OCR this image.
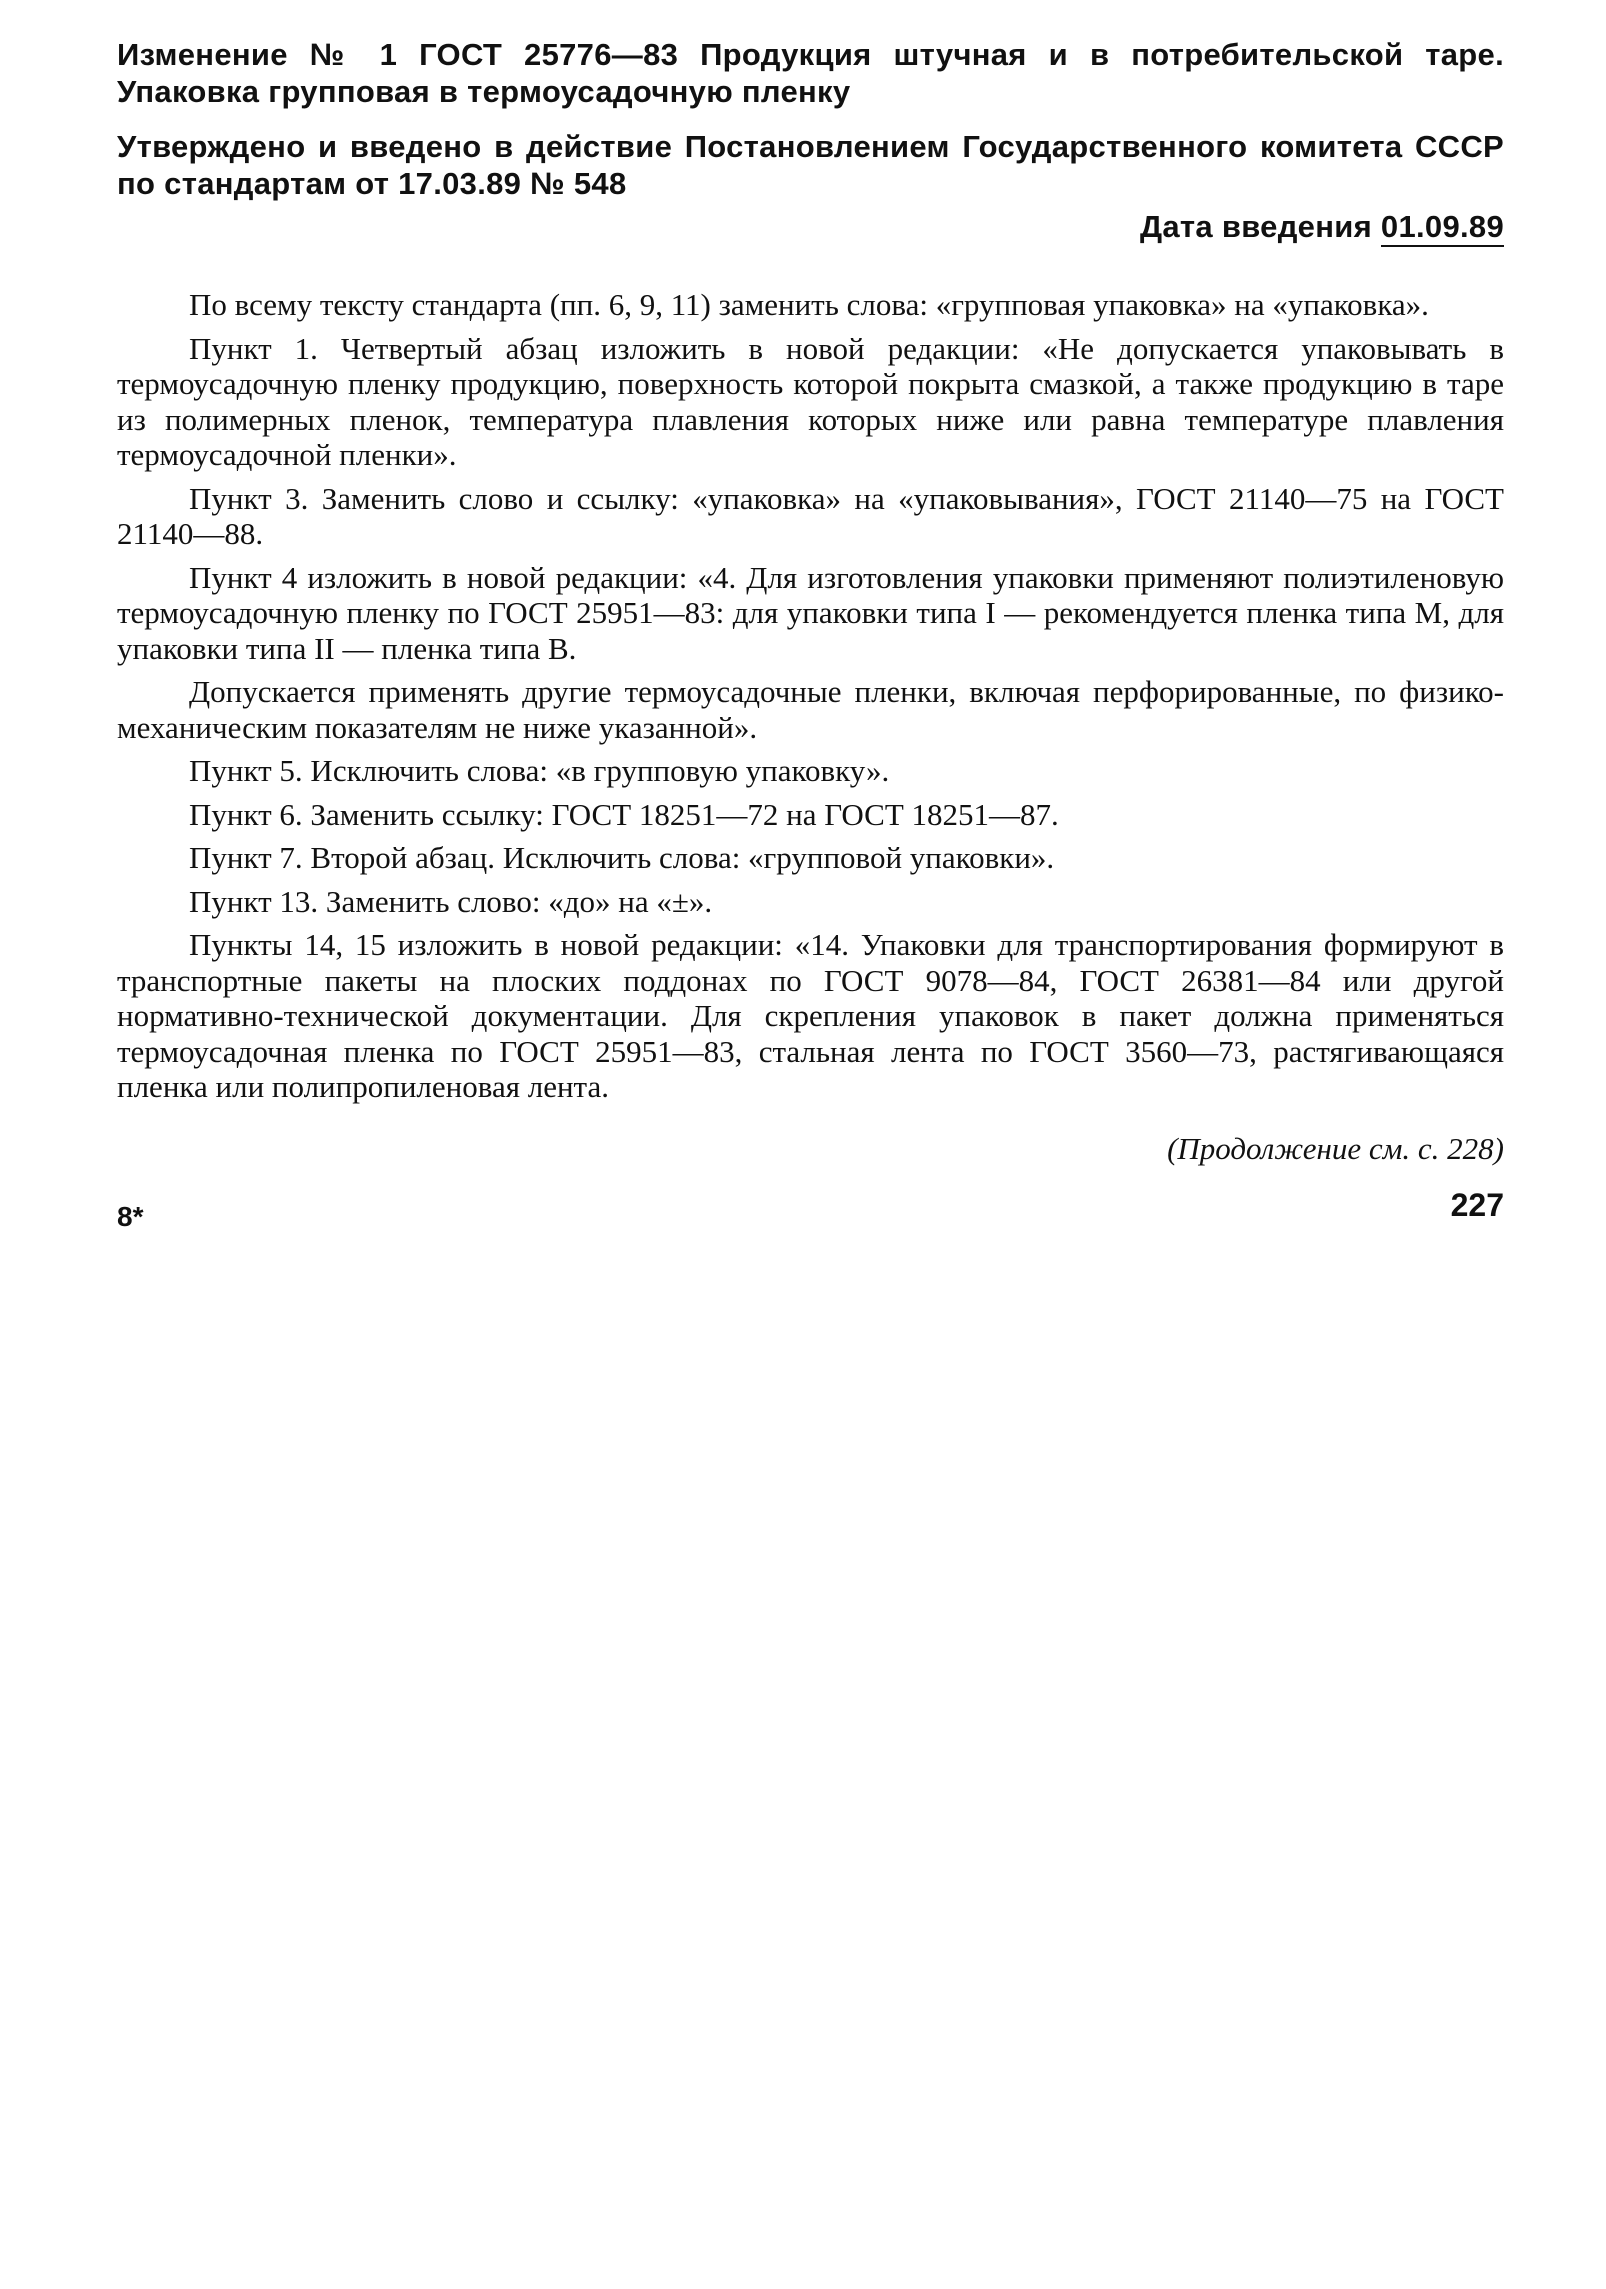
Изменение № 1 ГОСТ 25776—83 Продукция штучная и в потребительской таре. Упаковка групповая в термоусадочную пленку

Утверждено и введено в действие Постановлением Государственного комитета СССР по стандартам от 17.03.89 № 548

Дата введения 01.09.89

По всему тексту стандарта (пп. 6, 9, 11) заменить слова: «групповая упаковка» на «упаковка».

Пункт 1. Четвертый абзац изложить в новой редакции: «Не допускается упаковывать в термоусадочную пленку продукцию, поверхность которой покрыта смазкой, а также продукцию в таре из полимерных пленок, температура плавления которых ниже или равна температуре плавления термоусадочной пленки».

Пункт 3. Заменить слово и ссылку: «упаковка» на «упаковывания», ГОСТ 21140—75 на ГОСТ 21140—88.

Пункт 4 изложить в новой редакции: «4. Для изготовления упаковки применяют полиэтиленовую термоусадочную пленку по ГОСТ 25951—83: для упаковки типа I — рекомендуется пленка типа М, для упаковки типа II — пленка типа В.

Допускается применять другие термоусадочные пленки, включая перфорированные, по физико-механическим показателям не ниже указанной».

Пункт 5. Исключить слова: «в групповую упаковку».

Пункт 6. Заменить ссылку: ГОСТ 18251—72 на ГОСТ 18251—87.

Пункт 7. Второй абзац. Исключить слова: «групповой упаковки».

Пункт 13. Заменить слово: «до» на «±».

Пункты 14, 15 изложить в новой редакции: «14. Упаковки для транспортирования формируют в транспортные пакеты на плоских поддонах по ГОСТ 9078—84, ГОСТ 26381—84 или другой нормативно-технической документации. Для скрепления упаковок в пакет должна применяться термоусадочная пленка по ГОСТ 25951—83, стальная лента по ГОСТ 3560—73, растягивающаяся пленка или полипропиленовая лента.

(Продолжение см. с. 228)
8*	227
